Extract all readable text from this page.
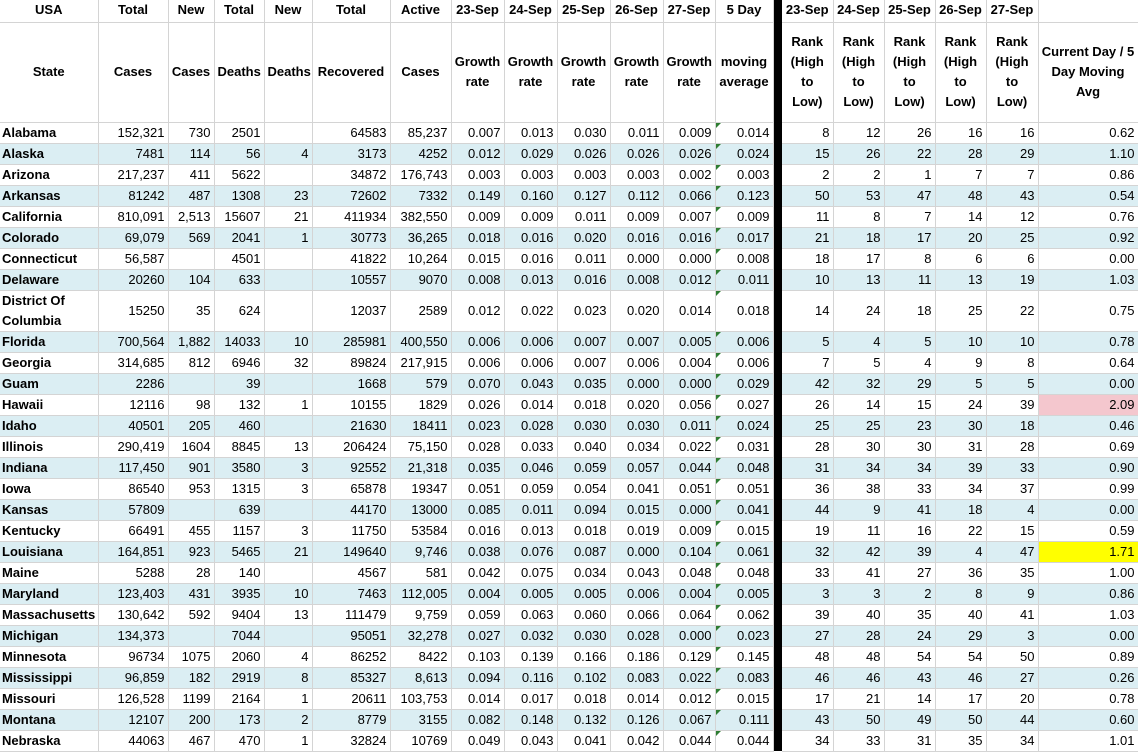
USA	Total	New	Total	New	Total	Active	23-Sep	24-Sep	25-Sep	26-Sep	27-Sep	5 Day		23-Sep	24-Sep	25-Sep	26-Sep	27-Sep	
State	Cases	Cases	Deaths	Deaths	Recovered	Cases	Growth rate	Growth rate	Growth rate	Growth rate	Growth rate	moving average		Rank (High to Low)	Rank (High to Low)	Rank (High to Low)	Rank (High to Low)	Rank (High to Low)	Current Day / 5 Day Moving Avg
Alabama	152,321	730	2501		64583	85,237	0.007	0.013	0.030	0.011	0.009	0.014		8	12	26	16	16	0.62
Alaska	7481	114	56	4	3173	4252	0.012	0.029	0.026	0.026	0.026	0.024		15	26	22	28	29	1.10
Arizona	217,237	411	5622		34872	176,743	0.003	0.003	0.003	0.003	0.002	0.003		2	2	1	7	7	0.86
Arkansas	81242	487	1308	23	72602	7332	0.149	0.160	0.127	0.112	0.066	0.123		50	53	47	48	43	0.54
California	810,091	2,513	15607	21	411934	382,550	0.009	0.009	0.011	0.009	0.007	0.009		11	8	7	14	12	0.76
Colorado	69,079	569	2041	1	30773	36,265	0.018	0.016	0.020	0.016	0.016	0.017		21	18	17	20	25	0.92
Connecticut	56,587		4501		41822	10,264	0.015	0.016	0.011	0.000	0.000	0.008		18	17	8	6	6	0.00
Delaware	20260	104	633		10557	9070	0.008	0.013	0.016	0.008	0.012	0.011		10	13	11	13	19	1.03
District Of Columbia	15250	35	624		12037	2589	0.012	0.022	0.023	0.020	0.014	0.018		14	24	18	25	22	0.75
Florida	700,564	1,882	14033	10	285981	400,550	0.006	0.006	0.007	0.007	0.005	0.006		5	4	5	10	10	0.78
Georgia	314,685	812	6946	32	89824	217,915	0.006	0.006	0.007	0.006	0.004	0.006		7	5	4	9	8	0.64
Guam	2286		39		1668	579	0.070	0.043	0.035	0.000	0.000	0.029		42	32	29	5	5	0.00
Hawaii	12116	98	132	1	10155	1829	0.026	0.014	0.018	0.020	0.056	0.027		26	14	15	24	39	2.09
Idaho	40501	205	460		21630	18411	0.023	0.028	0.030	0.030	0.011	0.024		25	25	23	30	18	0.46
Illinois	290,419	1604	8845	13	206424	75,150	0.028	0.033	0.040	0.034	0.022	0.031		28	30	30	31	28	0.69
Indiana	117,450	901	3580	3	92552	21,318	0.035	0.046	0.059	0.057	0.044	0.048		31	34	34	39	33	0.90
Iowa	86540	953	1315	3	65878	19347	0.051	0.059	0.054	0.041	0.051	0.051		36	38	33	34	37	0.99
Kansas	57809		639		44170	13000	0.085	0.011	0.094	0.015	0.000	0.041		44	9	41	18	4	0.00
Kentucky	66491	455	1157	3	11750	53584	0.016	0.013	0.018	0.019	0.009	0.015		19	11	16	22	15	0.59
Louisiana	164,851	923	5465	21	149640	9,746	0.038	0.076	0.087	0.000	0.104	0.061		32	42	39	4	47	1.71
Maine	5288	28	140		4567	581	0.042	0.075	0.034	0.043	0.048	0.048		33	41	27	36	35	1.00
Maryland	123,403	431	3935	10	7463	112,005	0.004	0.005	0.005	0.006	0.004	0.005		3	3	2	8	9	0.86
Massachusetts	130,642	592	9404	13	111479	9,759	0.059	0.063	0.060	0.066	0.064	0.062		39	40	35	40	41	1.03
Michigan	134,373		7044		95051	32,278	0.027	0.032	0.030	0.028	0.000	0.023		27	28	24	29	3	0.00
Minnesota	96734	1075	2060	4	86252	8422	0.103	0.139	0.166	0.186	0.129	0.145		48	48	54	54	50	0.89
Mississippi	96,859	182	2919	8	85327	8,613	0.094	0.116	0.102	0.083	0.022	0.083		46	46	43	46	27	0.26
Missouri	126,528	1199	2164	1	20611	103,753	0.014	0.017	0.018	0.014	0.012	0.015		17	21	14	17	20	0.78
Montana	12107	200	173	2	8779	3155	0.082	0.148	0.132	0.126	0.067	0.111		43	50	49	50	44	0.60
Nebraska	44063	467	470	1	32824	10769	0.049	0.043	0.041	0.042	0.044	0.044		34	33	31	35	34	1.01
